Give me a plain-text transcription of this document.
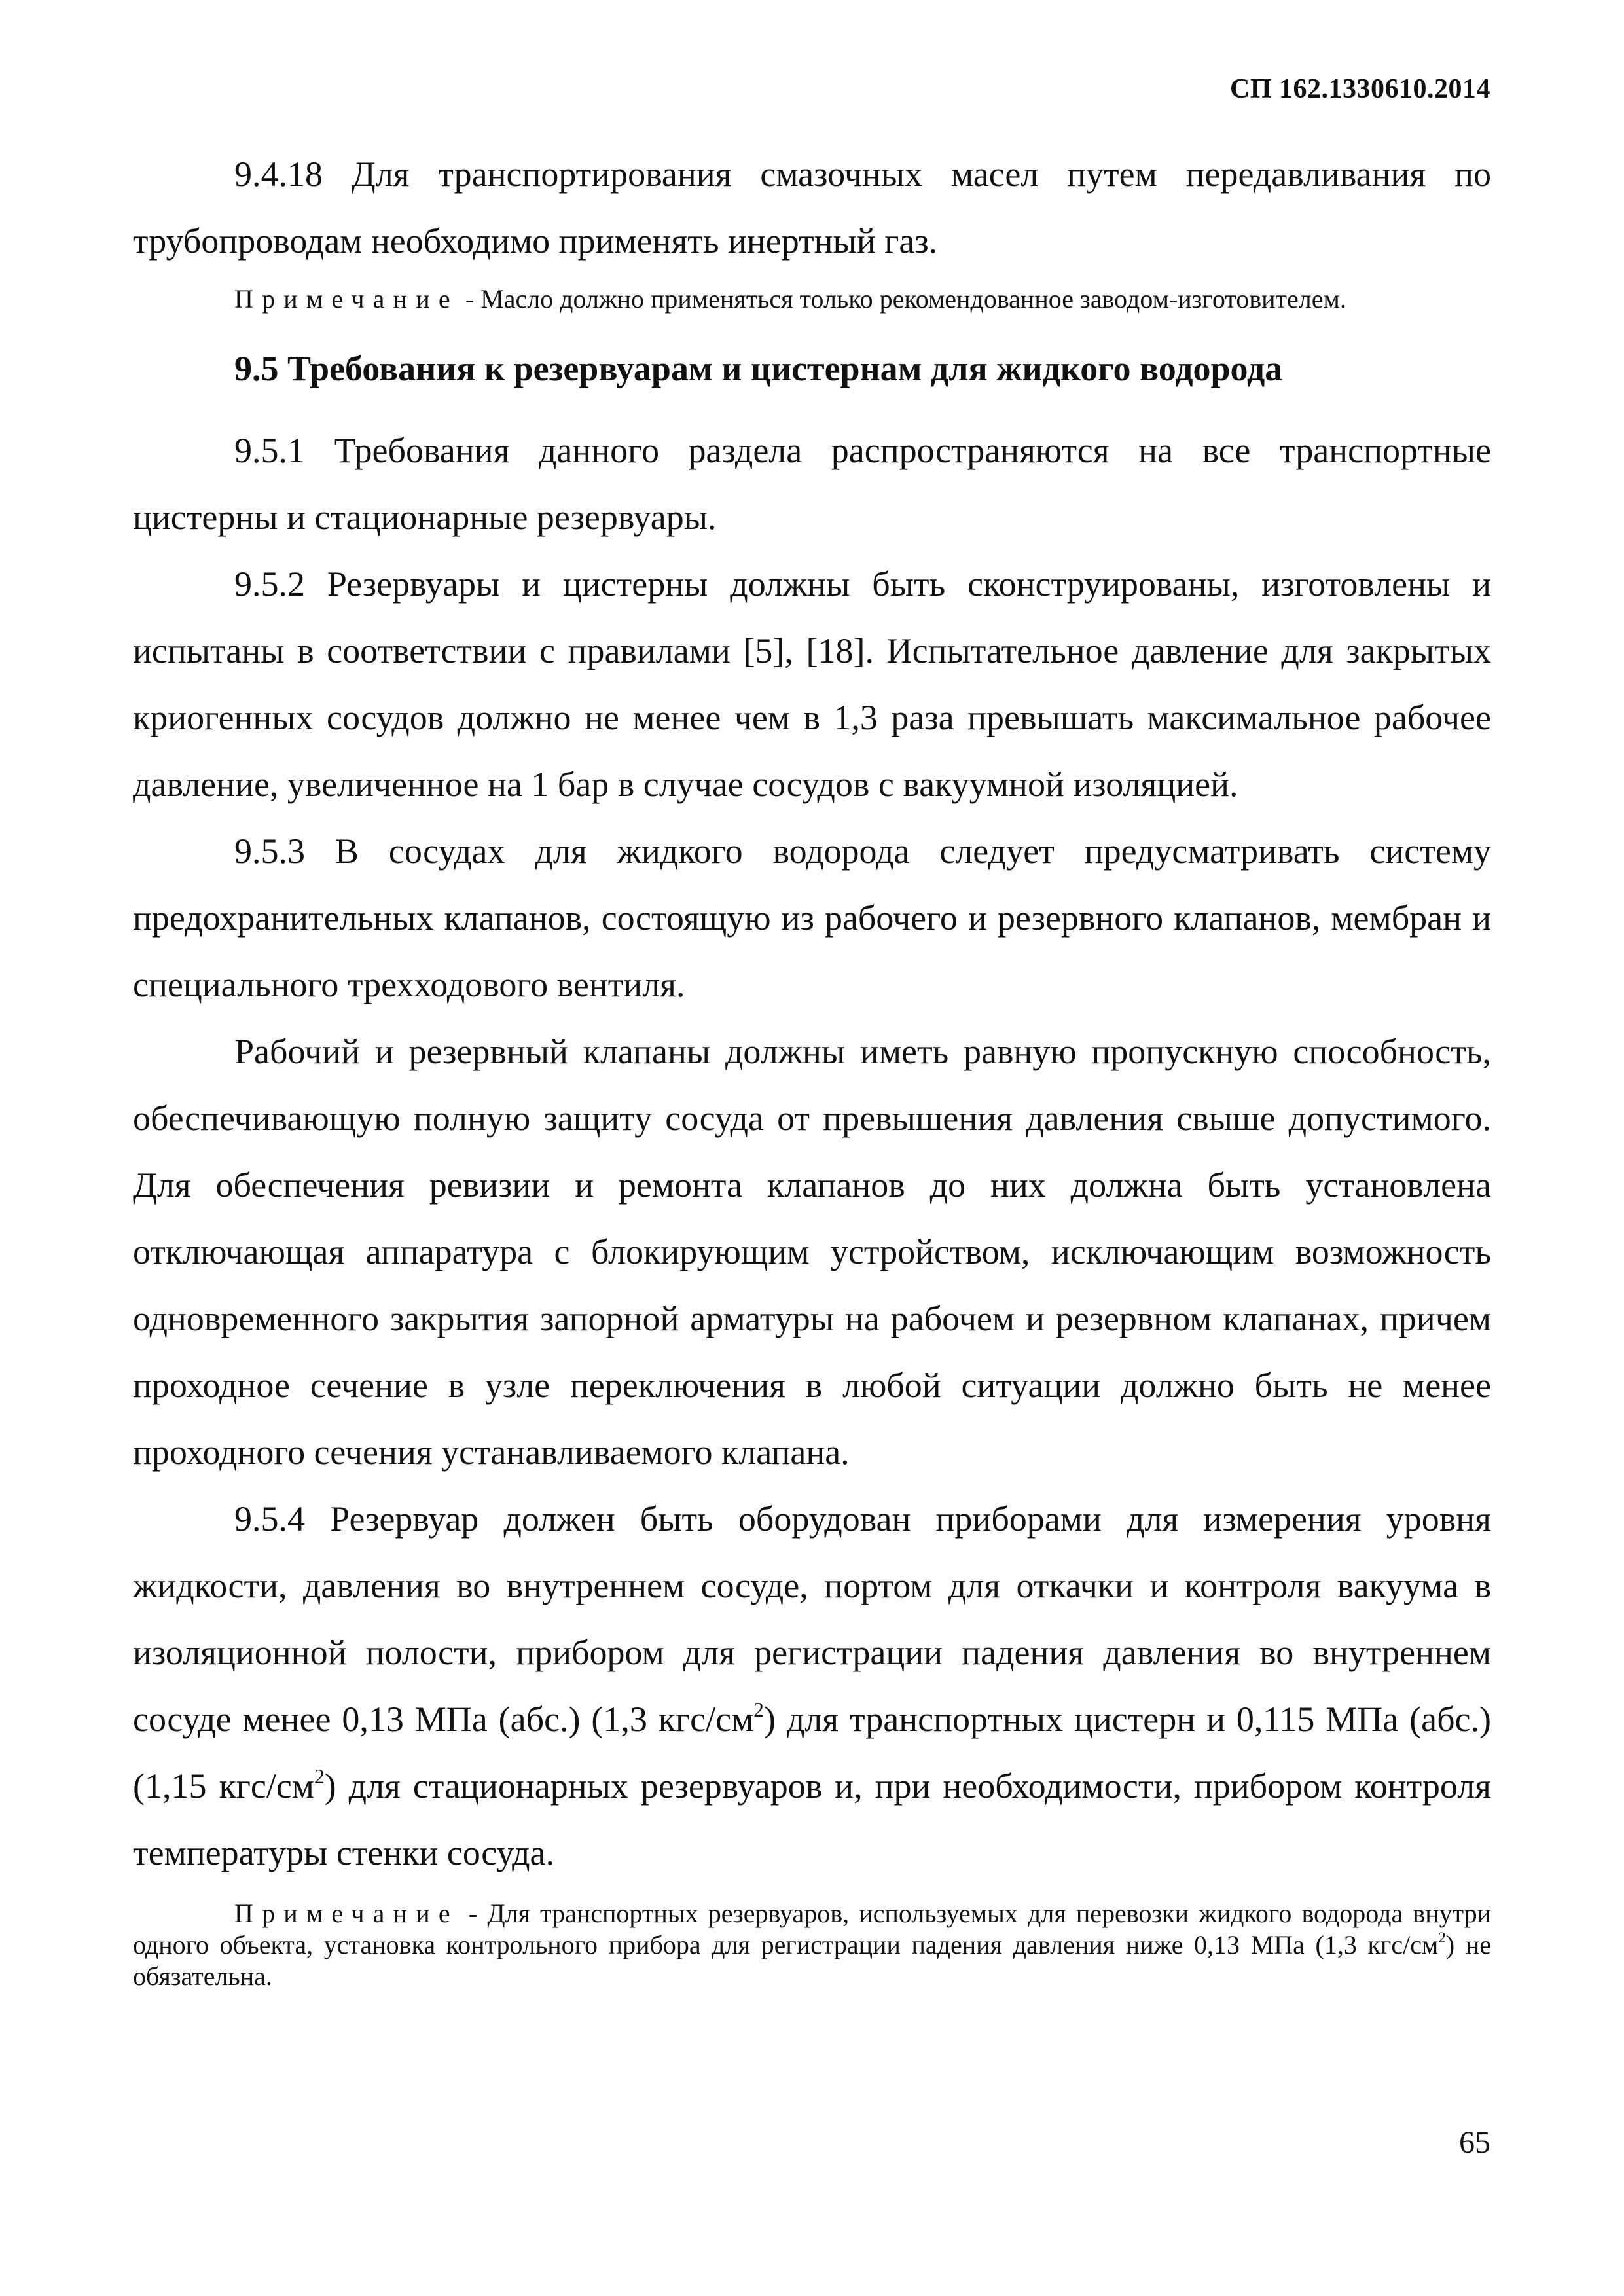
СП 162.1330610.2014

9.4.18 Для транспортирования смазочных масел путем передавливания по трубопроводам необходимо применять инертный газ.

Примечание - Масло должно применяться только рекомендованное заводом-изготовителем.

9.5 Требования к резервуарам и цистернам для жидкого водорода

9.5.1 Требования данного раздела распространяются на все транспортные цистерны и стационарные резервуары.

9.5.2 Резервуары и цистерны должны быть сконструированы, изготовлены и испытаны в соответствии с правилами [5], [18]. Испытательное давление для закрытых криогенных сосудов должно не менее чем в 1,3 раза превышать максимальное рабочее давление, увеличенное на 1 бар в случае сосудов с вакуумной изоляцией.

9.5.3 В сосудах для жидкого водорода следует предусматривать систему предохранительных клапанов, состоящую из рабочего и резервного клапанов, мембран и специального трехходового вентиля.

Рабочий и резервный клапаны должны иметь равную пропускную способность, обеспечивающую полную защиту сосуда от превышения давления свыше допустимого. Для обеспечения ревизии и ремонта клапанов до них должна быть установлена отключающая аппаратура с блокирующим устройством, исключающим возможность одновременного закрытия запорной арматуры на рабочем и резервном клапанах, причем проходное сечение в узле переключения в любой ситуации должно быть не менее проходного сечения устанавливаемого клапана.

9.5.4 Резервуар должен быть оборудован приборами для измерения уровня жидкости, давления во внутреннем сосуде, портом для откачки и контроля вакуума в изоляционной полости, прибором для регистрации падения давления во внутреннем сосуде менее 0,13 МПа (абс.) (1,3 кгс/$см^2$) для транспортных цистерн и 0,115 МПа (абс.) (1,15 кгс/$см^2$) для стационарных резервуаров и, при необходимости, прибором контроля температуры стенки сосуда.

Примечание - Для транспортных резервуаров, используемых для перевозки жидкого водорода внутри одного объекта, установка контрольного прибора для регистрации падения давления ниже 0,13 МПа (1,3 кгс/$см^2$) не обязательна.

65
